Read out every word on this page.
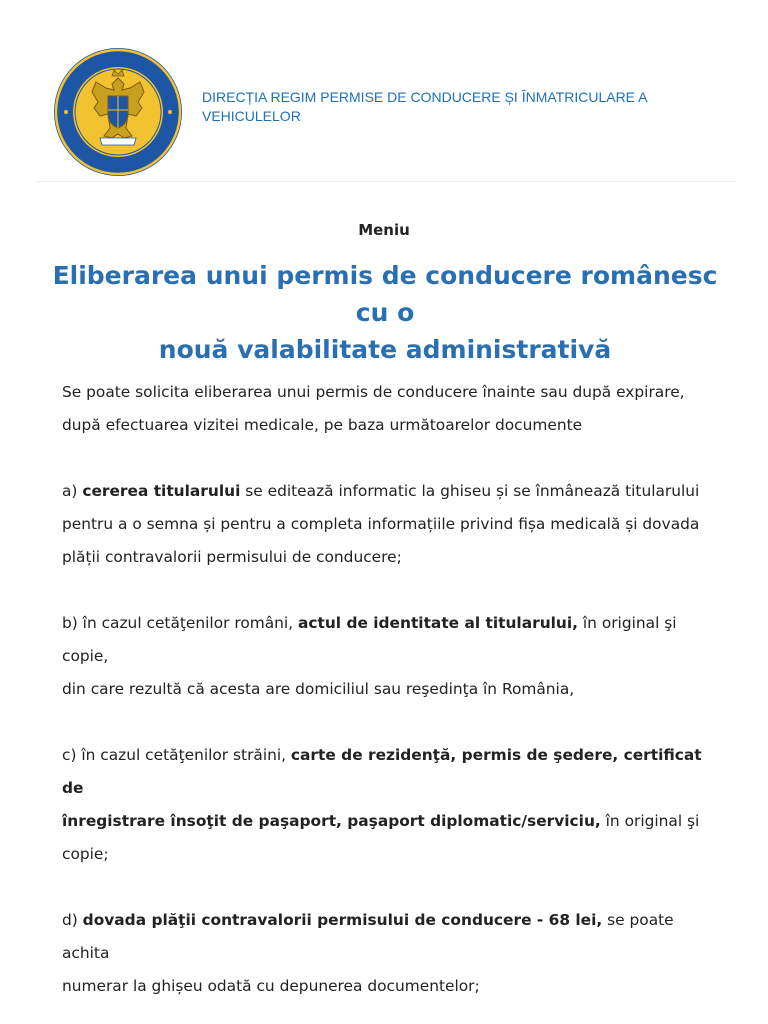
DIRECȚIA REGIM PERMISE DE CONDUCERE ȘI ÎNMATRICULARE A
VEHICULELOR
Meniu
Eliberarea unui permis de conducere românesc cu o
nouă valabilitate administrativă

Se poate solicita eliberarea unui permis de conducere înainte sau după expirare,
după efectuarea vizitei medicale, pe baza următoarelor documente

a) cererea titularului se editează informatic la ghiseu și se înmânează titularului
pentru a o semna și pentru a completa informațiile privind fișa medicală și dovada
plății contravalorii permisului de conducere;

b) în cazul cetăţenilor români, actul de identitate al titularului, în original şi copie,
din care rezultă că acesta are domiciliul sau reşedinţa în România,

c) în cazul cetăţenilor străini, carte de rezidenţă, permis de şedere, certificat de
înregistrare însoţit de paşaport, paşaport diplomatic/serviciu, în original şi copie;

d) dovada plăţii contravalorii permisului de conducere - 68 lei, se poate achita
numerar la ghișeu odată cu depunerea documentelor;
